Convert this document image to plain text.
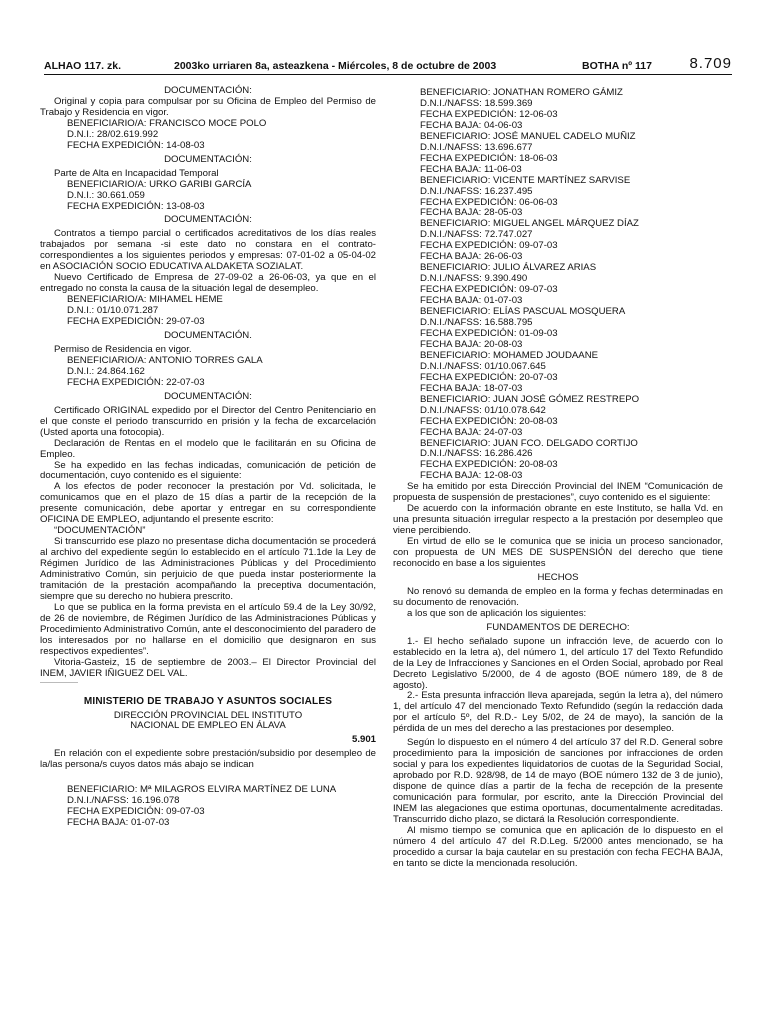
ALHAO 117. zk.	2003ko urriaren 8a, asteazkena - Miércoles, 8 de octubre de 2003	BOTHA nº 117	8.709

DOCUMENTACIÓN:

Original y copia para compulsar por su Oficina de Empleo del Permiso de Trabajo y Residencia en vigor.

BENEFICIARIO/A: FRANCISCO MOCE POLO

D.N.I.: 28/02.619.992

FECHA EXPEDICIÓN: 14-08-03

DOCUMENTACIÓN:

Parte de Alta en Incapacidad Temporal

BENEFICIARIO/A: URKO GARIBI GARCÍA

D.N.I.: 30.661.059

FECHA EXPEDICIÓN: 13-08-03

DOCUMENTACIÓN:

Contratos a tiempo parcial o certificados acreditativos de los días reales trabajados por semana -si este dato no constara en el contrato- correspondientes a los siguientes periodos y empresas: 07-01-02 a 05-04-02 en ASOCIACIÓN SOCIO EDUCATIVA ALDAKETA SOZIALAT.

Nuevo Certificado de Empresa de 27-09-02 a 26-06-03, ya que en el entregado no consta la causa de la situación legal de desempleo.

BENEFICIARIO/A: MIHAMEL HEME

D.N.I.: 01/10.071.287

FECHA EXPEDICIÓN: 29-07-03

DOCUMENTACIÓN.

Permiso de Residencia en vigor.

BENEFICIARIO/A: ANTONIO TORRES GALA

D.N.I.: 24.864.162

FECHA EXPEDICIÓN: 22-07-03

DOCUMENTACIÓN:

Certificado ORIGINAL expedido por el Director del Centro Penitenciario en el que conste el periodo transcurrido en prisión y la fecha de excarcelación (Usted aporta una fotocopia).

Declaración de Rentas en el modelo que le facilitarán en su Oficina de Empleo.

Se ha expedido en las fechas indicadas, comunicación de petición de documentación, cuyo contenido es el siguiente:

A los efectos de poder reconocer la prestación por Vd. solicitada, le comunicamos que en el plazo de 15 días a partir de la recepción de la presente comunicación, debe aportar y entregar en su correspondiente OFICINA DE EMPLEO, adjuntando el presente escrito:

“DOCUMENTACIÓN”

Si transcurrido ese plazo no presentase dicha documentación se procederá al archivo del expediente según lo establecido en el artículo 71.1de la Ley de Régimen Jurídico de las Administraciones Públicas y del Procedimiento Administrativo Común, sin perjuicio de que pueda instar posteriormente la tramitación de la prestación acompañando la preceptiva documentación, siempre que su derecho no hubiera prescrito.

Lo que se publica en la forma prevista en el artículo 59.4 de la Ley 30/92, de 26 de noviembre, de Régimen Jurídico de las Administraciones Públicas y Procedimiento Administrativo Común, ante el desconocimiento del paradero de los interesados por no hallarse en el domicilio que designaron en sus respectivos expedientes”.

Vitoria-Gasteiz, 15 de septiembre de 2003.– El Director Provincial del INEM, JAVIER IÑIGUEZ DEL VAL.

MINISTERIO DE TRABAJO Y ASUNTOS SOCIALES

DIRECCIÓN PROVINCIAL DEL INSTITUTO

NACIONAL DE EMPLEO EN ÁLAVA

5.901

En relación con el expediente sobre prestación/subsidio por desempleo de la/las persona/s cuyos datos más abajo se indican

BENEFICIARIO: Mª MILAGROS ELVIRA MARTÍNEZ DE LUNA

D.N.I./NAFSS: 16.196.078

FECHA EXPEDICIÓN: 09-07-03

FECHA BAJA: 01-07-03

BENEFICIARIO: JONATHAN ROMERO GÁMIZ

D.N.I./NAFSS: 18.599.369

FECHA EXPEDICIÓN: 12-06-03

FECHA BAJA: 04-06-03

BENEFICIARIO: JOSÉ MANUEL CADELO MUÑIZ

D.N.I./NAFSS: 13.696.677

FECHA EXPEDICIÓN: 18-06-03

FECHA BAJA: 11-06-03

BENEFICIARIO: VICENTE MARTÍNEZ SARVISE

D.N.I./NAFSS: 16.237.495

FECHA EXPEDICIÓN: 06-06-03

FECHA BAJA: 28-05-03

BENEFICIARIO: MIGUEL ANGEL MÁRQUEZ DÍAZ

D.N.I./NAFSS: 72.747.027

FECHA EXPEDICIÓN: 09-07-03

FECHA BAJA: 26-06-03

BENEFICIARIO: JULIO ÁLVAREZ ARIAS

D.N.I./NAFSS: 9.390.490

FECHA EXPEDICIÓN: 09-07-03

FECHA BAJA: 01-07-03

BENEFICIARIO: ELÍAS PASCUAL MOSQUERA

D.N.I./NAFSS: 16.588.795

FECHA EXPEDICIÓN: 01-09-03

FECHA BAJA: 20-08-03

BENEFICIARIO: MOHAMED JOUDAANE

D.N.I./NAFSS: 01/10.067.645

FECHA EXPEDICIÓN: 20-07-03

FECHA BAJA: 18-07-03

BENEFICIARIO: JUAN JOSÉ GÓMEZ RESTREPO

D.N.I./NAFSS: 01/10.078.642

FECHA EXPEDICIÓN: 20-08-03

FECHA BAJA: 24-07-03

BENEFICIARIO: JUAN FCO. DELGADO CORTIJO

D.N.I./NAFSS: 16.286.426

FECHA EXPEDICIÓN: 20-08-03

FECHA BAJA: 12-08-03

Se ha emitido por esta Dirección Provincial del INEM “Comunicación de propuesta de suspensión de prestaciones”, cuyo contenido es el siguiente:

De acuerdo con la información obrante en este Instituto, se halla Vd. en una presunta situación irregular respecto a la prestación por desempleo que viene percibiendo.

En virtud de ello se le comunica que se inicia un proceso sancionador, con propuesta de UN MES DE SUSPENSIÓN del derecho que tiene reconocido en base a los siguientes

HECHOS

No renovó su demanda de empleo en la forma y fechas determinadas en su documento de renovación.

a los que son de aplicación los siguientes:

FUNDAMENTOS DE DERECHO:

1.- El hecho señalado supone un infracción leve, de acuerdo con lo establecido en la letra a), del número 1, del artículo 17 del Texto Refundido de la Ley de Infracciones y Sanciones en el Orden Social, aprobado por Real Decreto Legislativo 5/2000, de 4 de agosto (BOE número 189, de 8 de agosto).

2.- Esta presunta infracción lleva aparejada, según la letra a), del número 1, del artículo 47 del mencionado Texto Refundido (según la redacción dada por el artículo 5º, del R.D.- Ley 5/02, de 24 de mayo), la sanción de la pérdida de un mes del derecho a las prestaciones por desempleo.

Según lo dispuesto en el número 4 del artículo 37 del R.D. General sobre procedimiento para la imposición de sanciones por infracciones de orden social y para los expedientes liquidatorios de cuotas de la Seguridad Social, aprobado por R.D. 928/98, de 14 de mayo (BOE número 132 de 3 de junio), dispone de quince días a partir de la fecha de recepción de la presente comunicación para formular, por escrito, ante la Dirección Provincial del INEM las alegaciones que estima oportunas, documentalmente acreditadas. Transcurrido dicho plazo, se dictará la Resolución correspondiente.

Al mismo tiempo se comunica que en aplicación de lo dispuesto en el número 4 del artículo 47 del R.D.Leg. 5/2000 antes mencionado, se ha procedido a cursar la baja cautelar en su prestación con fecha FECHA BAJA, en tanto se dicte la mencionada resolución.
